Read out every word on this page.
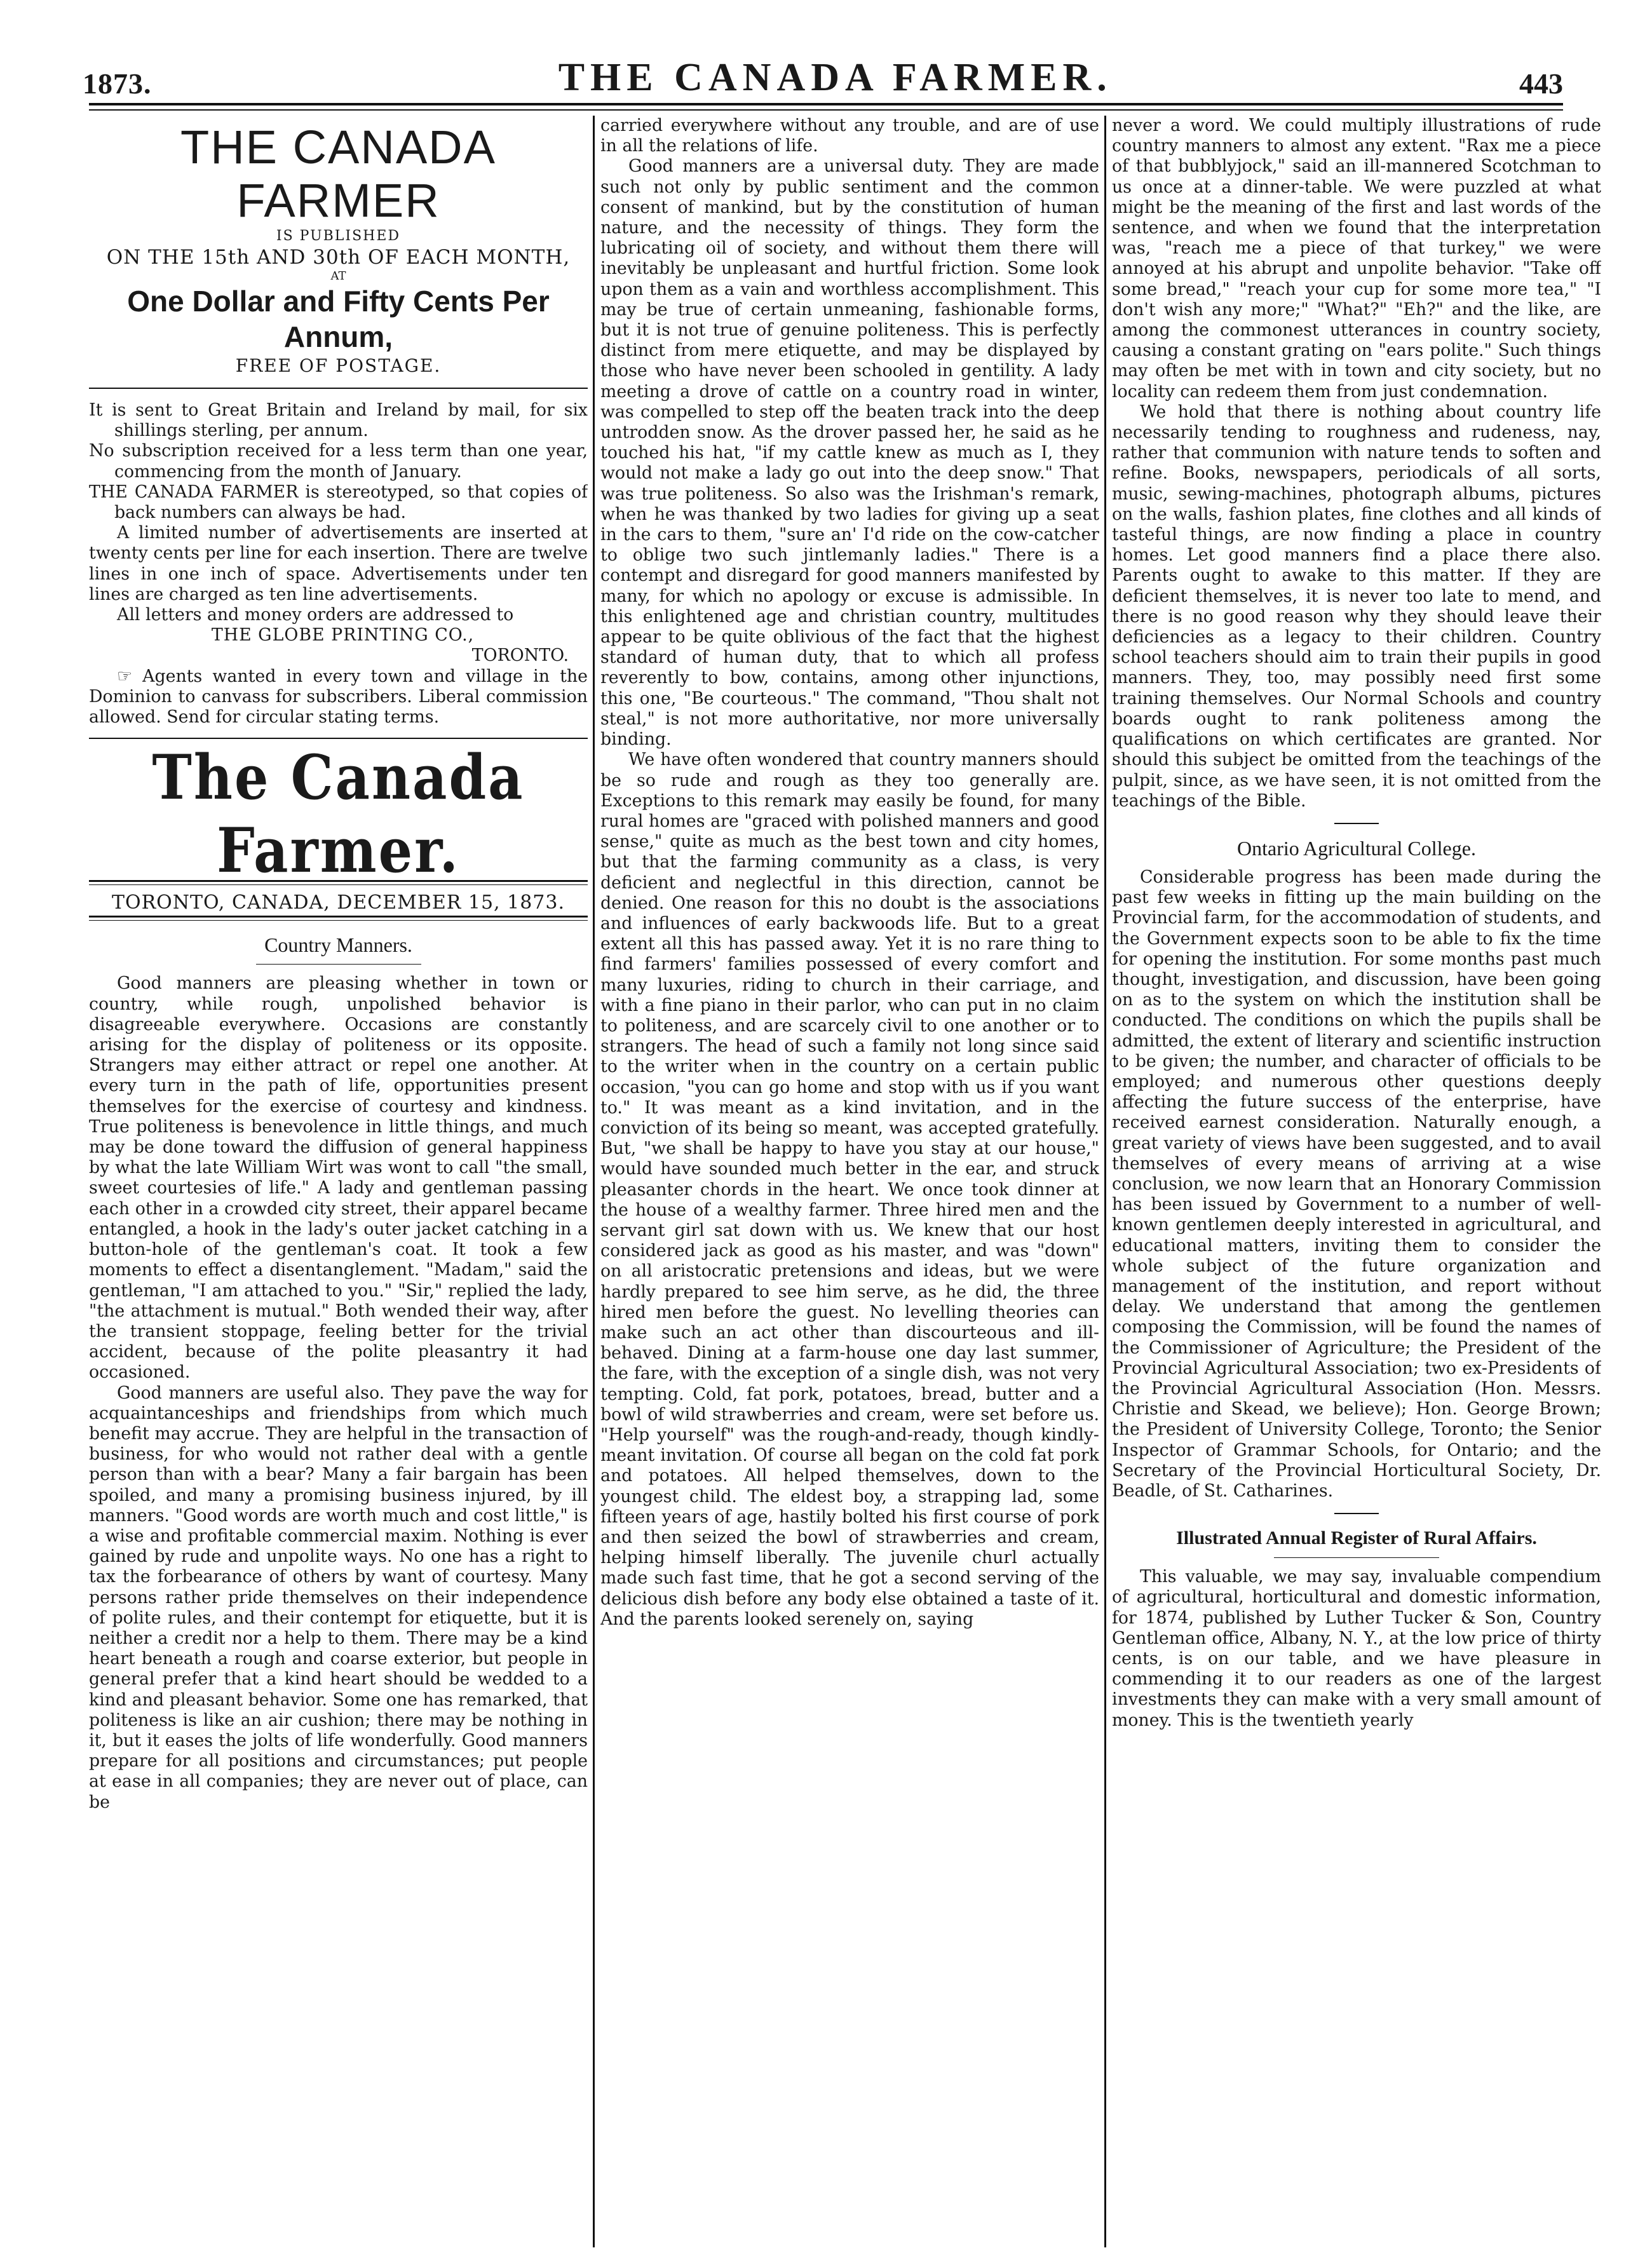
1873.	THE CANADA FARMER.	443
THE CANADA FARMER
IS PUBLISHED
ON THE 15th AND 30th OF EACH MONTH,
AT
One Dollar and Fifty Cents Per Annum,
FREE OF POSTAGE.

It is sent to Great Britain and Ireland by mail, for six shillings sterling, per annum.

No subscription received for a less term than one year, commencing from the month of January.

THE CANADA FARMER is stereotyped, so that copies of back numbers can always be had.

A limited number of advertisements are inserted at twenty cents per line for each insertion. There are twelve lines in one inch of space. Advertisements under ten lines are charged as ten line advertisements.

All letters and money orders are addressed to

THE GLOBE PRINTING CO.,
TORONTO.

☞ Agents wanted in every town and village in the Dominion to canvass for subscribers. Liberal commission allowed. Send for circular stating terms.

The Canada Farmer.
TORONTO, CANADA, DECEMBER 15, 1873.
Country Manners.

Good manners are pleasing whether in town or country, while rough, unpolished behavior is disagreeable everywhere. Occasions are constantly arising for the display of politeness or its opposite. Strangers may either attract or repel one another. At every turn in the path of life, opportunities present themselves for the exercise of courtesy and kindness. True politeness is benevolence in little things, and much may be done toward the diffusion of general happiness by what the late William Wirt was wont to call "the small, sweet courtesies of life." A lady and gentleman passing each other in a crowded city street, their apparel became entangled, a hook in the lady's outer jacket catching in a button-hole of the gentleman's coat. It took a few moments to effect a disentanglement. "Madam," said the gentleman, "I am attached to you." "Sir," replied the lady, "the attachment is mutual." Both wended their way, after the transient stoppage, feeling better for the trivial accident, because of the polite pleasantry it had occasioned.

Good manners are useful also. They pave the way for acquaintanceships and friendships from which much benefit may accrue. They are helpful in the transaction of business, for who would not rather deal with a gentle person than with a bear? Many a fair bargain has been spoiled, and many a promising business injured, by ill manners. "Good words are worth much and cost little," is a wise and profitable commercial maxim. Nothing is ever gained by rude and unpolite ways. No one has a right to tax the forbearance of others by want of courtesy. Many persons rather pride themselves on their independence of polite rules, and their contempt for etiquette, but it is neither a credit nor a help to them. There may be a kind heart beneath a rough and coarse exterior, but people in general prefer that a kind heart should be wedded to a kind and pleasant behavior. Some one has remarked, that politeness is like an air cushion; there may be nothing in it, but it eases the jolts of life wonderfully. Good manners prepare for all positions and circumstances; put people at ease in all companies; they are never out of place, can be

carried everywhere without any trouble, and are of use in all the relations of life.

Good manners are a universal duty. They are made such not only by public sentiment and the common consent of mankind, but by the constitution of human nature, and the necessity of things. They form the lubricating oil of society, and without them there will inevitably be unpleasant and hurtful friction. Some look upon them as a vain and worthless accomplishment. This may be true of certain unmeaning, fashionable forms, but it is not true of genuine politeness. This is perfectly distinct from mere etiquette, and may be displayed by those who have never been schooled in gentility. A lady meeting a drove of cattle on a country road in winter, was compelled to step off the beaten track into the deep untrodden snow. As the drover passed her, he said as he touched his hat, "if my cattle knew as much as I, they would not make a lady go out into the deep snow." That was true politeness. So also was the Irishman's remark, when he was thanked by two ladies for giving up a seat in the cars to them, "sure an' I'd ride on the cow-catcher to oblige two such jintlemanly ladies." There is a contempt and disregard for good manners manifested by many, for which no apology or excuse is admissible. In this enlightened age and christian country, multitudes appear to be quite oblivious of the fact that the highest standard of human duty, that to which all profess reverently to bow, contains, among other injunctions, this one, "Be courteous." The command, "Thou shalt not steal," is not more authoritative, nor more universally binding.

We have often wondered that country manners should be so rude and rough as they too generally are. Exceptions to this remark may easily be found, for many rural homes are "graced with polished manners and good sense," quite as much as the best town and city homes, but that the farming community as a class, is very deficient and neglectful in this direction, cannot be denied. One reason for this no doubt is the associations and influences of early backwoods life. But to a great extent all this has passed away. Yet it is no rare thing to find farmers' families possessed of every comfort and many luxuries, riding to church in their carriage, and with a fine piano in their parlor, who can put in no claim to politeness, and are scarcely civil to one another or to strangers. The head of such a family not long since said to the writer when in the country on a certain public occasion, "you can go home and stop with us if you want to." It was meant as a kind invitation, and in the conviction of its being so meant, was accepted gratefully. But, "we shall be happy to have you stay at our house," would have sounded much better in the ear, and struck pleasanter chords in the heart. We once took dinner at the house of a wealthy farmer. Three hired men and the servant girl sat down with us. We knew that our host considered jack as good as his master, and was "down" on all aristocratic pretensions and ideas, but we were hardly prepared to see him serve, as he did, the three hired men before the guest. No levelling theories can make such an act other than discourteous and ill-behaved. Dining at a farm-house one day last summer, the fare, with the exception of a single dish, was not very tempting. Cold, fat pork, potatoes, bread, butter and a bowl of wild strawberries and cream, were set before us. "Help yourself" was the rough-and-ready, though kindly-meant invitation. Of course all began on the cold fat pork and potatoes. All helped themselves, down to the youngest child. The eldest boy, a strapping lad, some fifteen years of age, hastily bolted his first course of pork and then seized the bowl of strawberries and cream, helping himself liberally. The juvenile churl actually made such fast time, that he got a second serving of the delicious dish before any body else obtained a taste of it. And the parents looked serenely on, saying

never a word. We could multiply illustrations of rude country manners to almost any extent. "Rax me a piece of that bubblyjock," said an ill-mannered Scotchman to us once at a dinner-table. We were puzzled at what might be the meaning of the first and last words of the sentence, and when we found that the interpretation was, "reach me a piece of that turkey," we were annoyed at his abrupt and unpolite behavior. "Take off some bread," "reach your cup for some more tea," "I don't wish any more;" "What?" "Eh?" and the like, are among the commonest utterances in country society, causing a constant grating on "ears polite." Such things may often be met with in town and city society, but no locality can redeem them from just condemnation.

We hold that there is nothing about country life necessarily tending to roughness and rudeness, nay, rather that communion with nature tends to soften and refine. Books, newspapers, periodicals of all sorts, music, sewing-machines, photograph albums, pictures on the walls, fashion plates, fine clothes and all kinds of tasteful things, are now finding a place in country homes. Let good manners find a place there also. Parents ought to awake to this matter. If they are deficient themselves, it is never too late to mend, and there is no good reason why they should leave their deficiencies as a legacy to their children. Country school teachers should aim to train their pupils in good manners. They, too, may possibly need first some training themselves. Our Normal Schools and country boards ought to rank politeness among the qualifications on which certificates are granted. Nor should this subject be omitted from the teachings of the pulpit, since, as we have seen, it is not omitted from the teachings of the Bible.

Ontario Agricultural College.

Considerable progress has been made during the past few weeks in fitting up the main building on the Provincial farm, for the accommodation of students, and the Government expects soon to be able to fix the time for opening the institution. For some months past much thought, investigation, and discussion, have been going on as to the system on which the institution shall be conducted. The conditions on which the pupils shall be admitted, the extent of literary and scientific instruction to be given; the number, and character of officials to be employed; and numerous other questions deeply affecting the future success of the enterprise, have received earnest consideration. Naturally enough, a great variety of views have been suggested, and to avail themselves of every means of arriving at a wise conclusion, we now learn that an Honorary Commission has been issued by Government to a number of well-known gentlemen deeply interested in agricultural, and educational matters, inviting them to consider the whole subject of the future organization and management of the institution, and report without delay. We understand that among the gentlemen composing the Commission, will be found the names of the Commissioner of Agriculture; the President of the Provincial Agricultural Association; two ex-Presidents of the Provincial Agricultural Association (Hon. Messrs. Christie and Skead, we believe); Hon. George Brown; the President of University College, Toronto; the Senior Inspector of Grammar Schools, for Ontario; and the Secretary of the Provincial Horticultural Society, Dr. Beadle, of St. Catharines.

Illustrated Annual Register of Rural Affairs.

This valuable, we may say, invaluable compendium of agricultural, horticultural and domestic information, for 1874, published by Luther Tucker & Son, Country Gentleman office, Albany, N. Y., at the low price of thirty cents, is on our table, and we have pleasure in commending it to our readers as one of the largest investments they can make with a very small amount of money. This is the twentieth yearly
